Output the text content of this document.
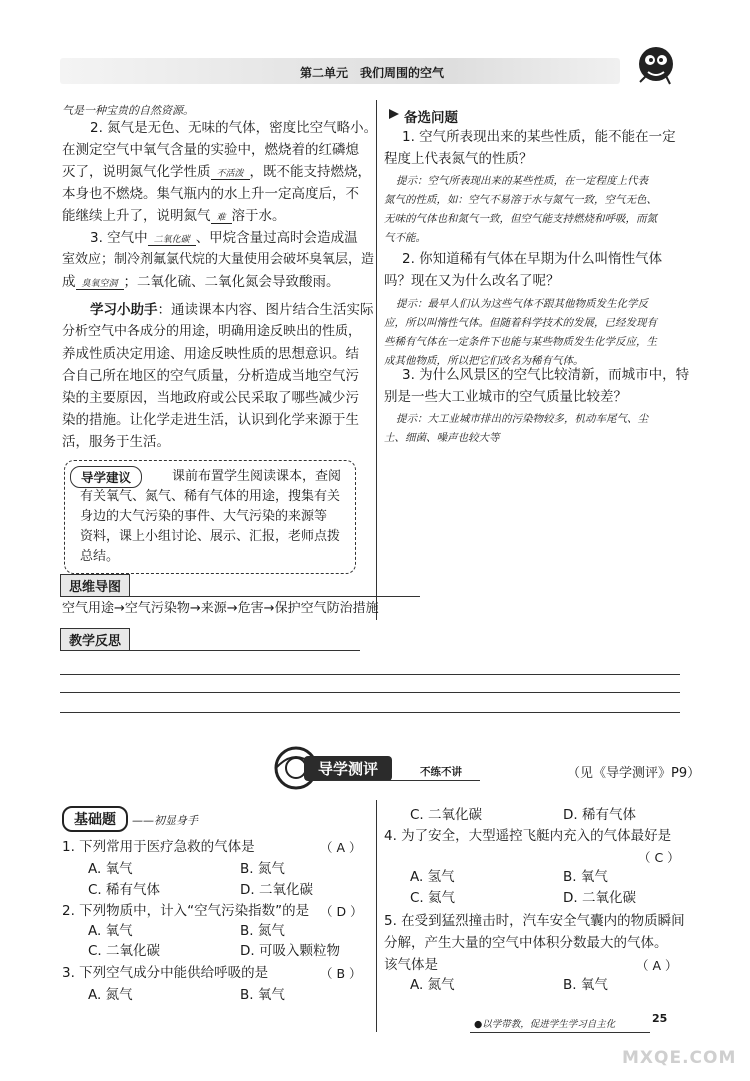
第二单元　我们周围的空气
气是一种宝贵的自然资源。
2. 氮气是无色、无味的气体，密度比空气略小。
在测定空气中氧气含量的实验中，燃烧着的红磷熄
灭了，说明氮气化学性质 不活泼 ，既不能支持燃烧，
本身也不燃烧。集气瓶内的水上升一定高度后，不
能继续上升了，说明氮气 难 溶于水。
3. 空气中 二氧化碳 、甲烷含量过高时会造成温
室效应；制冷剂氟氯代烷的大量使用会破坏臭氧层，造
成臭氧空洞 ；二氧化硫、二氧化氮会导致酸雨。
学习小助手：通读课本内容、图片结合生活实际
分析空气中各成分的用途，明确用途反映出的性质，
养成性质决定用途、用途反映性质的思想意识。结
合自己所在地区的空气质量，分析造成当地空气污
染的主要原因，当地政府或公民采取了哪些减少污
染的措施。让化学走进生活，认识到化学来源于生
活，服务于生活。
导学建议	课前布置学生阅读课本，查阅
有关氧气、氮气、稀有气体的用途，搜集有关
身边的大气污染的事件、大气污染的来源等
资料，课上小组讨论、展示、汇报，老师点拨
总结。
思维导图
空气用途→空气污染物→来源→危害→保护空气防治措施
教学反思
备选问题
1. 空气所表现出来的某些性质，能不能在一定
程度上代表氮气的性质？
提示：空气所表现出来的某些性质，在一定程度上代表
氮气的性质，如：空气不易溶于水与氮气一致，空气无色、
无味的气体也和氮气一致，但空气能支持燃烧和呼吸，而氮
气不能。
2. 你知道稀有气体在早期为什么叫惰性气体
吗？现在又为什么改名了呢？
提示：最早人们认为这些气体不跟其他物质发生化学反
应，所以叫惰性气体。但随着科学技术的发展，已经发现有
些稀有气体在一定条件下也能与某些物质发生化学反应，生
成其他物质，所以把它们改名为稀有气体。
3. 为什么风景区的空气比较清新，而城市中，特
别是一些大工业城市的空气质量比较差？
提示：大工业城市排出的污染物较多，机动车尾气、尘
土、细菌、噪声也较大等
导学测评	不练不讲	（见《导学测评》P9）
基础题	——初显身手
1. 下列常用于医疗急救的气体是	（ A ）
A. 氧气	B. 氮气
C. 稀有气体	D. 二氧化碳
2. 下列物质中，计入“空气污染指数”的是 （ D ）
A. 氧气	B. 氮气
C. 二氧化碳	D. 可吸入颗粒物
3. 下列空气成分中能供给呼吸的是	（ B ）
A. 氮气	B. 氧气
C. 二氧化碳	D. 稀有气体
4. 为了安全，大型遥控飞艇内充入的气体最好是
（ C ）
A. 氢气	B. 氧气
C. 氦气	D. 二氧化碳
5. 在受到猛烈撞击时，汽车安全气囊内的物质瞬间
分解，产生大量的空气中体积分数最大的气体。
该气体是	（ A ）
A. 氮气	B. 氧气
●以学带教，促进学生学习自主化	25
MXQE.COM
